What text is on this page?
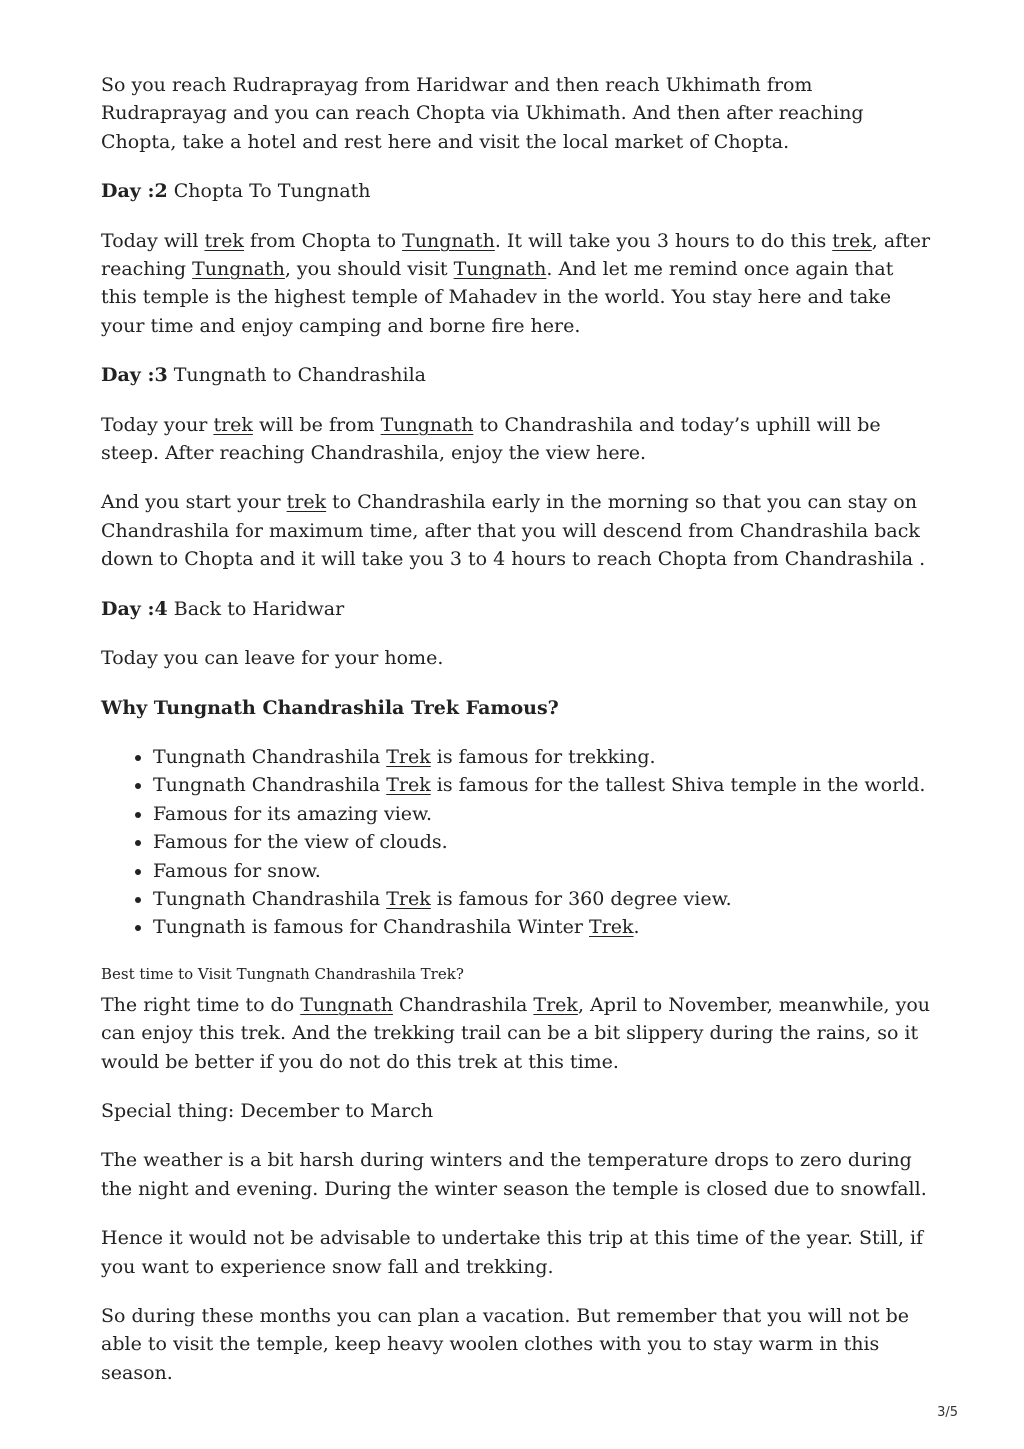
So you reach Rudraprayag from Haridwar and then reach Ukhimath from Rudraprayag and you can reach Chopta via Ukhimath. And then after reaching Chopta, take a hotel and rest here and visit the local market of Chopta.

Day :2 Chopta To Tungnath

Today will trek from Chopta to Tungnath. It will take you 3 hours to do this trek, after reaching Tungnath, you should visit Tungnath. And let me remind once again that this temple is the highest temple of Mahadev in the world. You stay here and take your time and enjoy camping and borne fire here.

Day :3 Tungnath to Chandrashila

Today your trek will be from Tungnath to Chandrashila and today’s uphill will be steep. After reaching Chandrashila, enjoy the view here.

And you start your trek to Chandrashila early in the morning so that you can stay on Chandrashila for maximum time, after that you will descend from Chandrashila back down to Chopta and it will take you 3 to 4 hours to reach Chopta from Chandrashila .

Day :4 Back to Haridwar

Today you can leave for your home.

Why Tungnath Chandrashila Trek Famous?

• Tungnath Chandrashila Trek is famous for trekking.
• Tungnath Chandrashila Trek is famous for the tallest Shiva temple in the world.
• Famous for its amazing view.
• Famous for the view of clouds.
• Famous for snow.
• Tungnath Chandrashila Trek is famous for 360 degree view.
• Tungnath is famous for Chandrashila Winter Trek.

Best time to Visit Tungnath Chandrashila Trek?

The right time to do Tungnath Chandrashila Trek, April to November, meanwhile, you can enjoy this trek. And the trekking trail can be a bit slippery during the rains, so it would be better if you do not do this trek at this time.

Special thing: December to March

The weather is a bit harsh during winters and the temperature drops to zero during the night and evening. During the winter season the temple is closed due to snowfall.

Hence it would not be advisable to undertake this trip at this time of the year. Still, if you want to experience snow fall and trekking.

So during these months you can plan a vacation. But remember that you will not be able to visit the temple, keep heavy woolen clothes with you to stay warm in this season.

3/5
